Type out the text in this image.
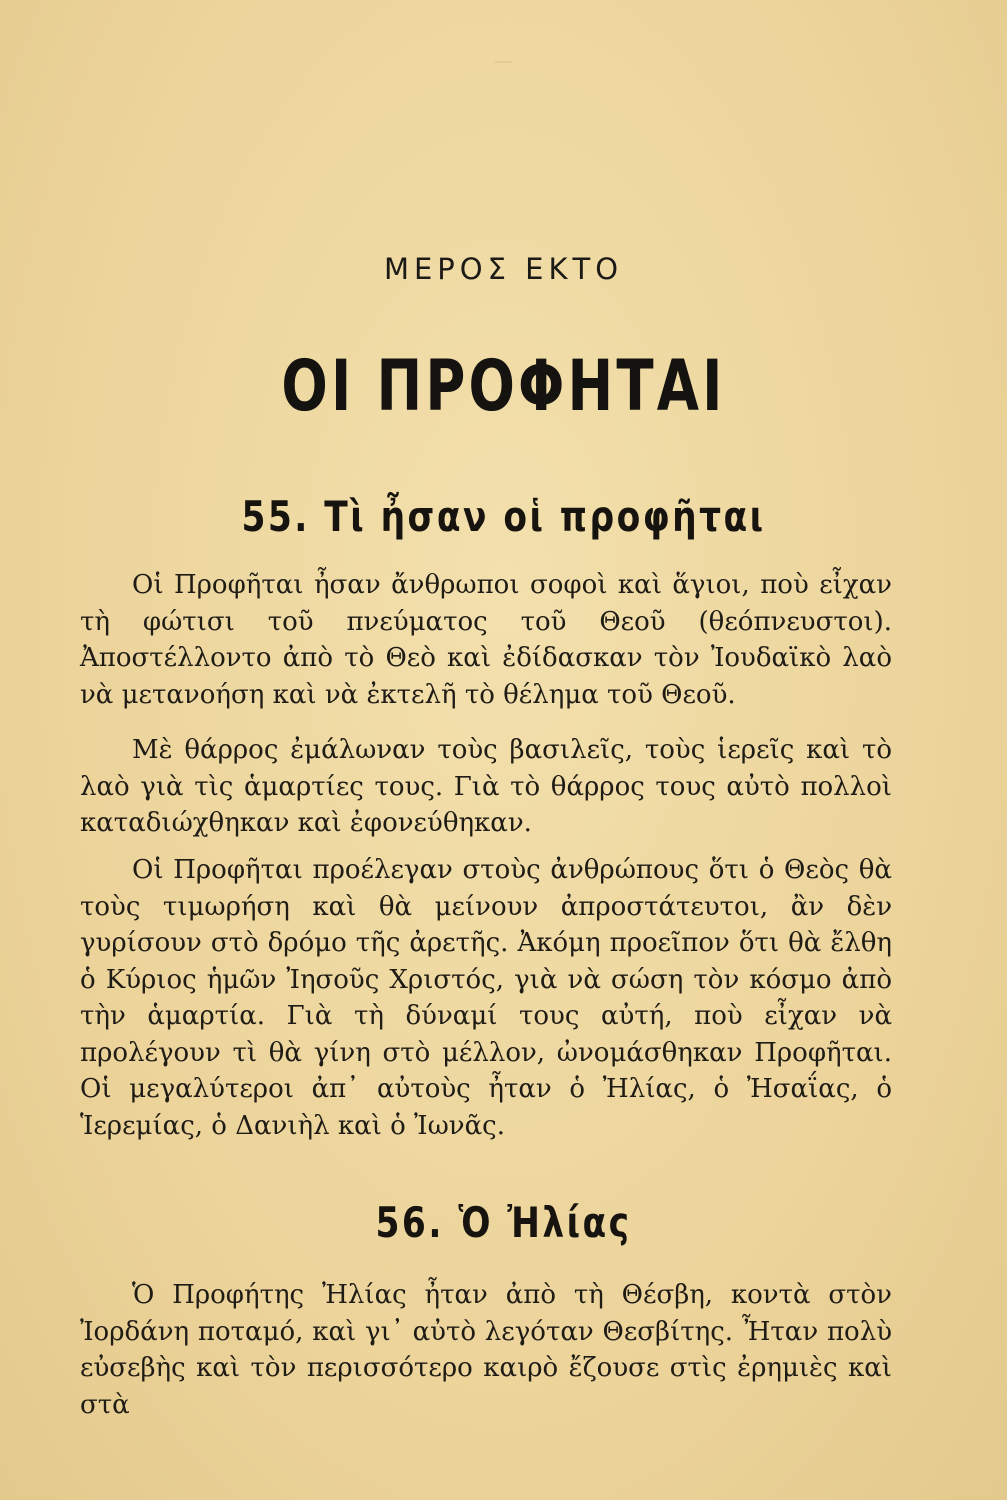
—
ΜΕΡΟΣ ΕΚΤΟ
ΟΙ ΠΡΟΦΗΤΑΙ
55. Τὶ ἦσαν οἱ προφῆται

Οἱ Προφῆται ἦσαν ἄνθρωποι σοφοὶ καὶ ἅγιοι, ποὺ εἶχαν τὴ φώτισι τοῦ πνεύματος τοῦ Θεοῦ (θεόπνευστοι). Ἀποστέλλοντο ἀπὸ τὸ Θεὸ καὶ ἐδίδασκαν τὸν Ἰουδαϊκὸ λαὸ νὰ μετανοήση καὶ νὰ ἐκτελῆ τὸ θέλημα τοῦ Θεοῦ.

Μὲ θάρρος ἐμάλωναν τοὺς βασιλεῖς, τοὺς ἱερεῖς καὶ τὸ λαὸ γιὰ τὶς ἁμαρτίες τους. Γιὰ τὸ θάρρος τους αὐτὸ πολλοὶ καταδιώχθηκαν καὶ ἐφονεύθηκαν.

Οἱ Προφῆται προέλεγαν στοὺς ἀνθρώπους ὅτι ὁ Θεὸς θὰ τοὺς τιμωρήση καὶ θὰ μείνουν ἀπροστάτευτοι, ἂν δὲν γυρίσουν στὸ δρόμο τῆς ἀρετῆς. Ἀκόμη προεῖπον ὅτι θὰ ἔλθη ὁ Κύριος ἡμῶν Ἰησοῦς Χριστός, γιὰ νὰ σώση τὸν κόσμο ἀπὸ τὴν ἁμαρτία. Γιὰ τὴ δύναμί τους αὐτή, ποὺ εἶχαν νὰ προλέγουν τὶ θὰ γίνη στὸ μέλλον, ὠνομάσθηκαν Προφῆται. Οἱ μεγαλύτεροι ἀπ᾽ αὐτοὺς ἦταν ὁ Ἠλίας, ὁ Ἠσαΐας, ὁ Ἱερεμίας, ὁ Δανιὴλ καὶ ὁ Ἰωνᾶς.

56. Ὁ Ἠλίας

Ὁ Προφήτης Ἠλίας ἦταν ἀπὸ τὴ Θέσβη, κοντὰ στὸν Ἰορδάνη ποταμό, καὶ γι᾽ αὐτὸ λεγόταν Θεσβίτης. Ἦταν πολὺ εὐσεβὴς καὶ τὸν περισσότερο καιρὸ ἔζουσε στὶς ἐρημιὲς καὶ στὰ
